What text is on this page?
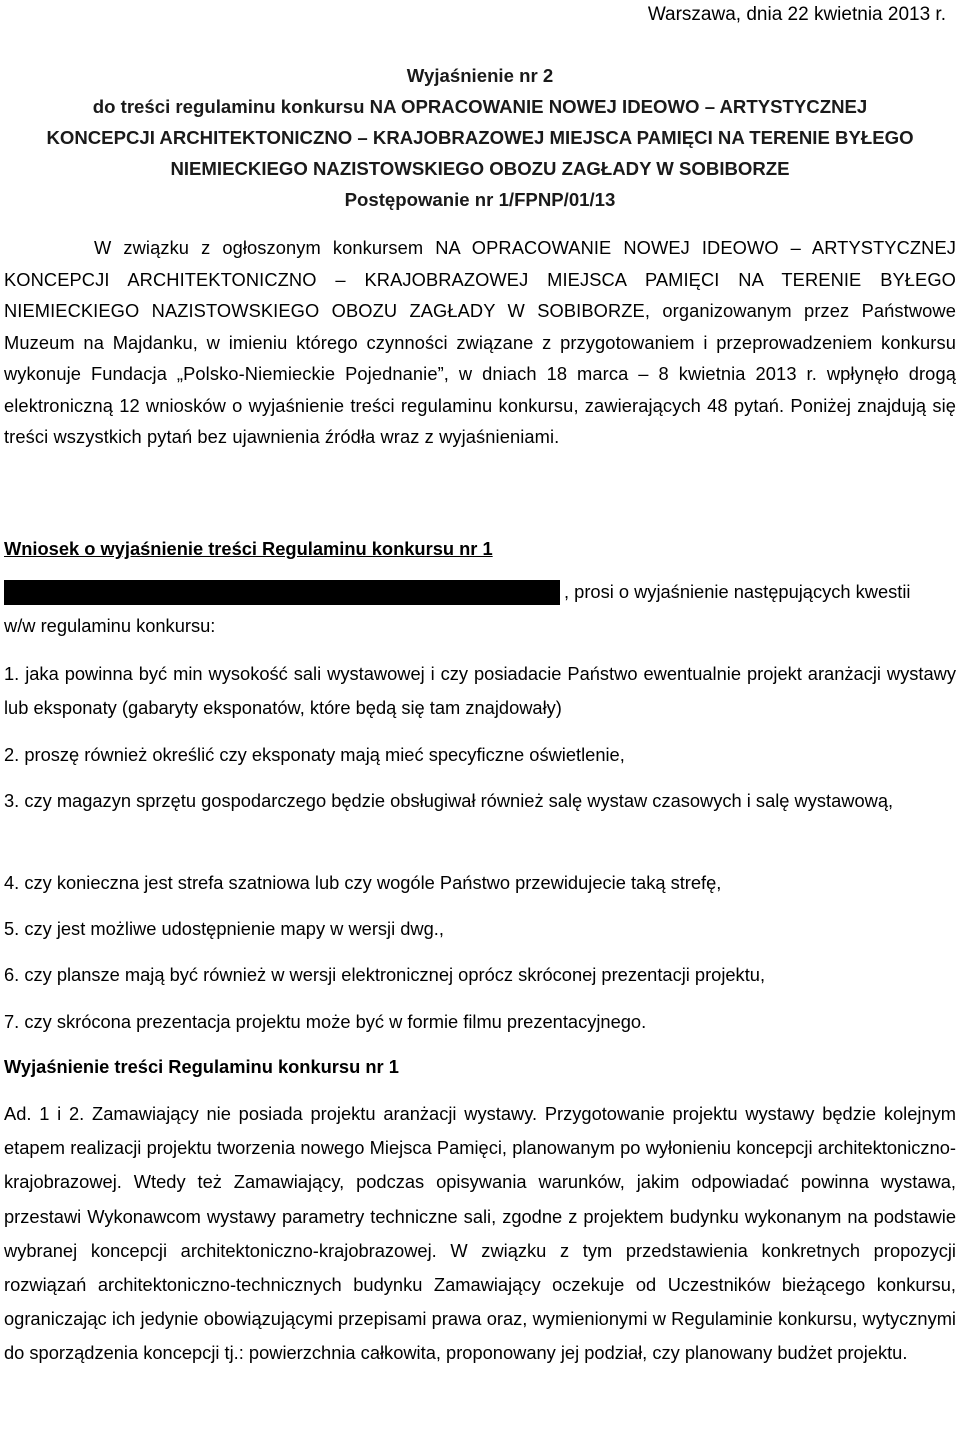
Warszawa, dnia 22 kwietnia 2013 r.
Wyjaśnienie nr 2
do treści regulaminu konkursu NA OPRACOWANIE NOWEJ IDEOWO – ARTYSTYCZNEJ
KONCEPCJI ARCHITEKTONICZNO – KRAJOBRAZOWEJ MIEJSCA PAMIĘCI NA TERENIE BYŁEGO
NIEMIECKIEGO NAZISTOWSKIEGO OBOZU ZAGŁADY W SOBIBORZE
Postępowanie nr 1/FPNP/01/13
W związku z ogłoszonym konkursem NA OPRACOWANIE NOWEJ IDEOWO – ARTYSTYCZNEJ KONCEPCJI ARCHITEKTONICZNO – KRAJOBRAZOWEJ MIEJSCA PAMIĘCI NA TERENIE BYŁEGO NIEMIECKIEGO NAZISTOWSKIEGO OBOZU ZAGŁADY W SOBIBORZE, organizowanym przez Państwowe Muzeum na Majdanku, w imieniu którego czynności związane z przygotowaniem i przeprowadzeniem konkursu wykonuje Fundacja „Polsko-Niemieckie Pojednanie”, w dniach 18 marca – 8 kwietnia 2013 r. wpłynęło drogą elektroniczną 12 wniosków o wyjaśnienie treści regulaminu konkursu, zawierających 48 pytań. Poniżej znajdują się treści wszystkich pytań bez ujawnienia źródła wraz z wyjaśnieniami.
Wniosek o wyjaśnienie treści Regulaminu konkursu nr 1
, prosi o wyjaśnienie następujących kwestii
w/w regulaminu konkursu:
1. jaka powinna być min wysokość sali wystawowej i czy posiadacie Państwo ewentualnie projekt aranżacji wystawy lub eksponaty (gabaryty eksponatów, które będą się tam znajdowały)
2. proszę również określić czy eksponaty mają mieć specyficzne oświetlenie,
3. czy magazyn sprzętu gospodarczego będzie obsługiwał również salę wystaw czasowych i salę wystawową,
4. czy konieczna jest strefa szatniowa lub czy wogóle Państwo przewidujecie taką strefę,
5. czy jest możliwe udostępnienie mapy w wersji dwg.,
6. czy plansze mają być również w wersji elektronicznej oprócz skróconej prezentacji projektu,
7. czy skrócona prezentacja projektu może być w formie filmu prezentacyjnego.
Wyjaśnienie treści Regulaminu konkursu nr 1
Ad. 1 i 2. Zamawiający nie posiada projektu aranżacji wystawy. Przygotowanie projektu wystawy będzie kolejnym etapem realizacji projektu tworzenia nowego Miejsca Pamięci, planowanym po wyłonieniu koncepcji architektoniczno-krajobrazowej. Wtedy też Zamawiający, podczas opisywania warunków, jakim odpowiadać powinna wystawa, przestawi Wykonawcom wystawy parametry techniczne sali, zgodne z projektem budynku wykonanym na podstawie wybranej koncepcji architektoniczno-krajobrazowej. W związku z tym przedstawienia konkretnych propozycji rozwiązań architektoniczno-technicznych budynku Zamawiający oczekuje od Uczestników bieżącego konkursu, ograniczając ich jedynie obowiązującymi przepisami prawa oraz, wymienionymi w Regulaminie konkursu, wytycznymi do sporządzenia koncepcji tj.: powierzchnia całkowita, proponowany jej podział, czy planowany budżet projektu.
